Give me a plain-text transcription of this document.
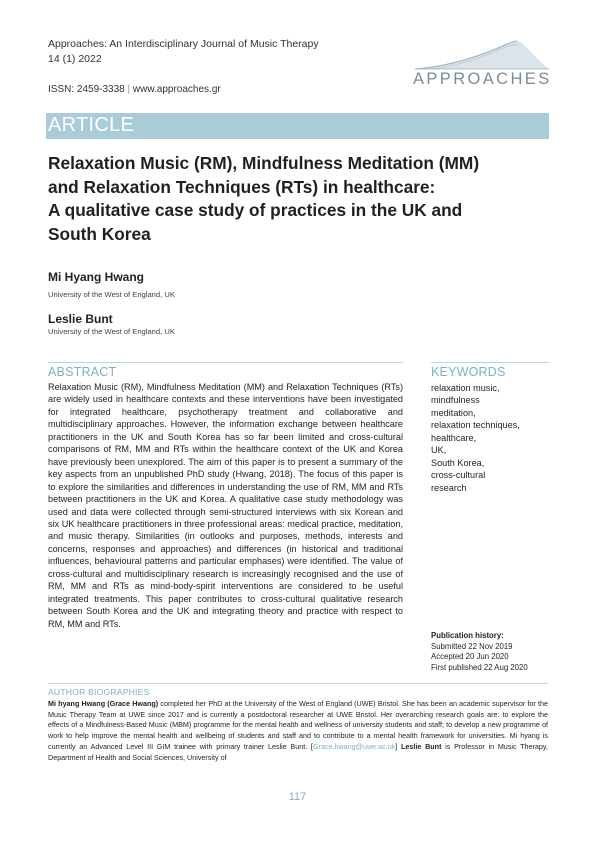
Approaches: An Interdisciplinary Journal of Music Therapy
14 (1) 2022
ISSN: 2459-3338 | www.approaches.gr
APPROACHES
ARTICLE
Relaxation Music (RM), Mindfulness Meditation (MM)
and Relaxation Techniques (RTs) in healthcare:
A qualitative case study of practices in the UK and
South Korea
Mi Hyang Hwang
University of the West of England, UK
Leslie Bunt
University of the West of England, UK
ABSTRACT
Relaxation Music (RM), Mindfulness Meditation (MM) and Relaxation Techniques (RTs) are widely used in healthcare contexts and these interventions have been investigated for integrated healthcare, psychotherapy treatment and collaborative and multidisciplinary approaches. However, the information exchange between healthcare practitioners in the UK and South Korea has so far been limited and cross-cultural comparisons of RM, MM and RTs within the healthcare context of the UK and Korea have previously been unexplored. The aim of this paper is to present a summary of the key aspects from an unpublished PhD study (Hwang, 2018). The focus of this paper is to explore the similarities and differences in understanding the use of RM, MM and RTs between practitioners in the UK and Korea. A qualitative case study methodology was used and data were collected through semi-structured interviews with six Korean and six UK healthcare practitioners in three professional areas: medical practice, meditation, and music therapy. Similarities (in outlooks and purposes, methods, interests and concerns, responses and approaches) and differences (in historical and traditional influences, behavioural patterns and particular emphases) were identified. The value of cross-cultural and multidisciplinary research is increasingly recognised and the use of RM, MM and RTs as mind-body-spirit interventions are considered to be useful integrated treatments. This paper contributes to cross-cultural qualitative research between South Korea and the UK and integrating theory and practice with respect to RM, MM and RTs.
KEYWORDS
relaxation music,
mindfulness
meditation,
relaxation techniques,
healthcare,
UK,
South Korea,
cross-cultural
research
Publication history:
Submitted 22 Nov 2019
Accepted 20 Jun 2020
First published 22 Aug 2020
AUTHOR BIOGRAPHIES
Mi hyang Hwang (Grace Hwang) completed her PhD at the University of the West of England (UWE) Bristol. She has been an academic supervisor for the Music Therapy Team at UWE since 2017 and is currently a postdoctoral researcher at UWE Bristol. Her overarching research goals are: to explore the effects of a Mindfulness-Based Music (MBM) programme for the mental health and wellness of university students and staff; to develop a new programme of work to help improve the mental health and wellbeing of students and staff and to contribute to a mental health framework for universities. Mi hyang is currently an Advanced Level III GIM trainee with primary trainer Leslie Bunt. [Grace.hwang@uwe.ac.uk] Leslie Bunt is Professor in Music Therapy, Department of Health and Social Sciences, University of
117
